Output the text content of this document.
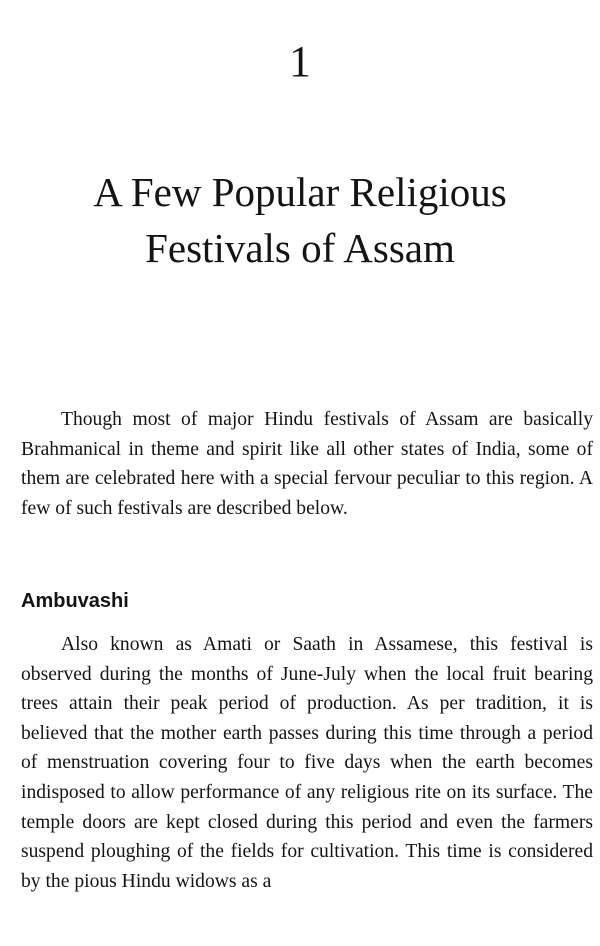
1
A Few Popular Religious Festivals of Assam

Though most of major Hindu festivals of Assam are basically Brahmanical in theme and spirit like all other states of India, some of them are celebrated here with a special fervour peculiar to this region. A few of such festivals are described below.

Ambuvashi

Also known as Amati or Saath in Assamese, this festival is observed during the months of June-July when the local fruit bearing trees attain their peak period of production. As per tradition, it is believed that the mother earth passes during this time through a period of menstruation covering four to five days when the earth becomes indisposed to allow performance of any religious rite on its surface. The temple doors are kept closed during this period and even the farmers suspend ploughing of the fields for cultivation. This time is considered by the pious Hindu widows as a
